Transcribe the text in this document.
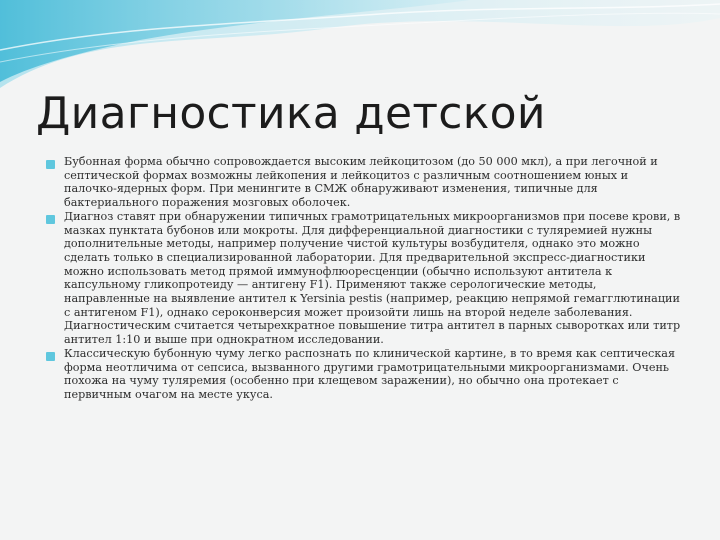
Диагностика детской
Бубонная форма обычно сопровождается высоким лейкоцитозом (до 50 000 мкл), а при легочной и септической формах возможны лейкопения и лейкоцитоз с различным соотношением юных и палочко-ядерных форм. При менингите в СМЖ обнаруживают изменения, типичные для бактериального поражения мозговых оболочек.
Диагноз ставят при обнаружении типичных грамотрицательных микроорганизмов при посеве крови, в мазках пунктата бубонов или мокроты. Для дифференциальной диагностики с туляремией нужны дополнительные методы, например получение чистой культуры возбудителя, однако это можно сделать только в специализированной лаборатории. Для предварительной экспресс-диагностики можно использовать метод прямой иммунофлюоресценции (обычно используют антитела к капсульному гликопротеиду — антигену F1). Применяют также серологические методы, направленные на выявление антител к Yersinia pestis (например, реакцию непрямой гемагглютинации с антигеном F1), однако сероконверсия может произойти лишь на второй неделе заболевания. Диагностическим считается четырехкратное повышение титра антител в парных сыворотках или титр антител 1:10 и выше при однократном исследовании.
Классическую бубонную чуму легко распознать по клинической картине, в то время как септическая форма неотличима от сепсиса, вызванного другими грамотрицательными микроорганизмами. Очень похожа на чуму туляремия (особенно при клещевом заражении), но обычно она протекает с первичным очагом на месте укуса.
